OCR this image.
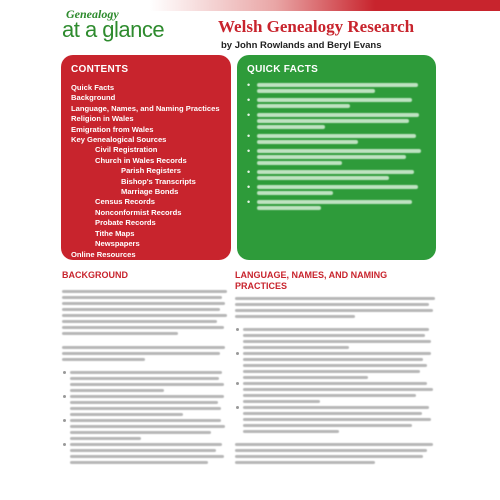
Genealogy
at a glance	Welsh Genealogy Research
by John Rowlands and Beryl Evans
CONTENTS
Quick Facts
Background
Language, Names, and Naming Practices
Religion in Wales
Emigration from Wales
Key Genealogical Sources
Civil Registration
Church in Wales Records
Parish Registers
Bishop's Transcripts
Marriage Bonds
Census Records
Nonconformist Records
Probate Records
Tithe Maps
Newspapers
Online Resources
QUICK FACTS
•
•
•
•
•
•
•
•
BACKGROUND	LANGUAGE, NAMES, AND NAMING PRACTICES
